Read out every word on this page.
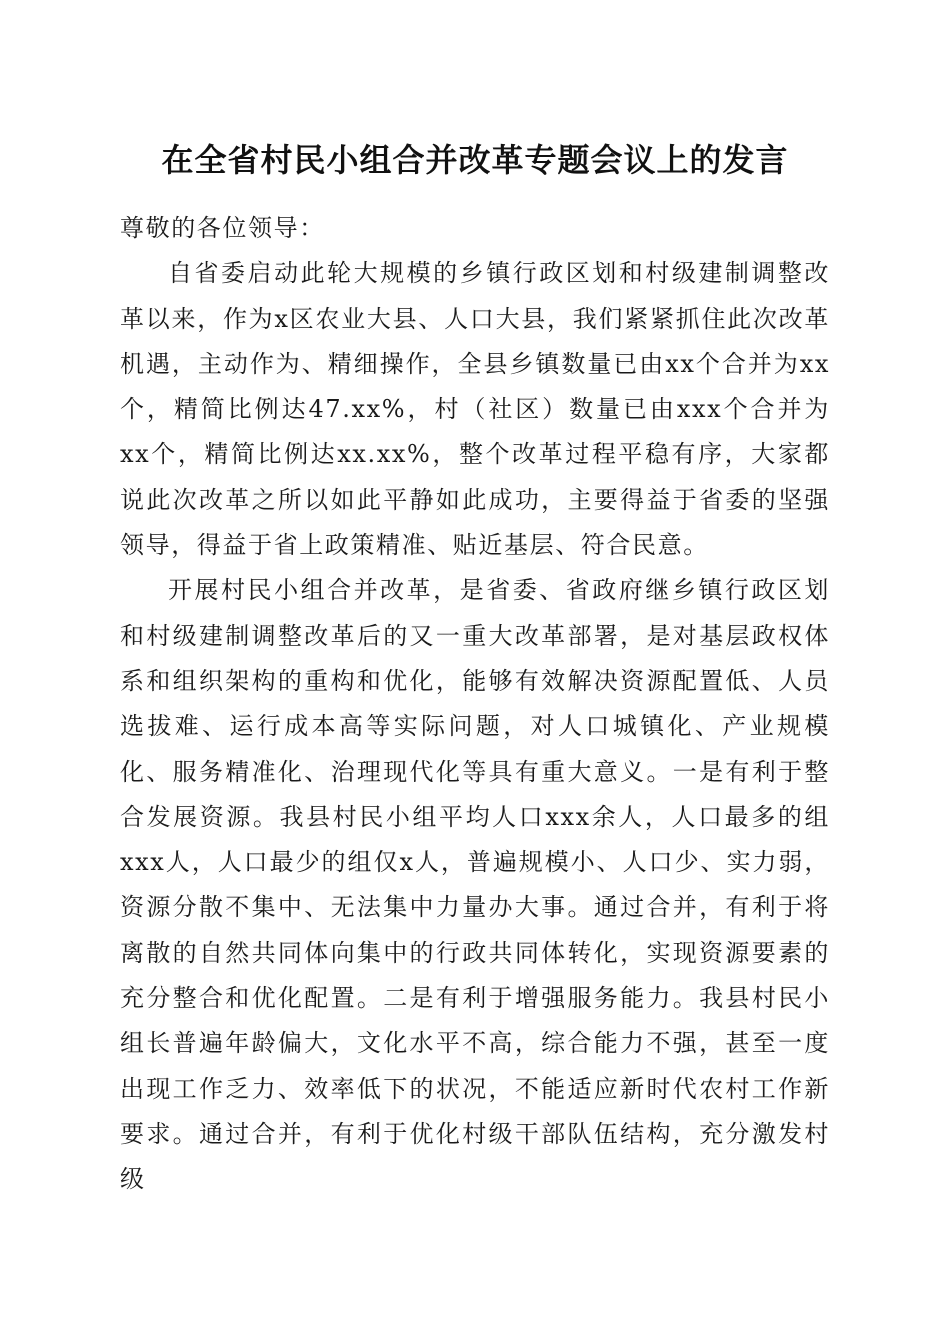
在全省村民小组合并改革专题会议上的发言

尊敬的各位领导：

自省委启动此轮大规模的乡镇行政区划和村级建制调整改革以来，作为x区农业大县、人口大县，我们紧紧抓住此次改革机遇，主动作为、精细操作，全县乡镇数量已由xx个合并为xx个，精简比例达47.xx%，村（社区）数量已由xxx个合并为xx个，精简比例达xx.xx%，整个改革过程平稳有序，大家都说此次改革之所以如此平静如此成功，主要得益于省委的坚强领导，得益于省上政策精准、贴近基层、符合民意。

开展村民小组合并改革，是省委、省政府继乡镇行政区划和村级建制调整改革后的又一重大改革部署，是对基层政权体系和组织架构的重构和优化，能够有效解决资源配置低、人员选拔难、运行成本高等实际问题，对人口城镇化、产业规模化、服务精准化、治理现代化等具有重大意义。一是有利于整合发展资源。我县村民小组平均人口xxx余人，人口最多的组xxx人，人口最少的组仅x人，普遍规模小、人口少、实力弱，资源分散不集中、无法集中力量办大事。通过合并，有利于将离散的自然共同体向集中的行政共同体转化，实现资源要素的充分整合和优化配置。二是有利于增强服务能力。我县村民小组长普遍年龄偏大，文化水平不高，综合能力不强，甚至一度出现工作乏力、效率低下的状况，不能适应新时代农村工作新要求。通过合并，有利于优化村级干部队伍结构，充分激发村级
